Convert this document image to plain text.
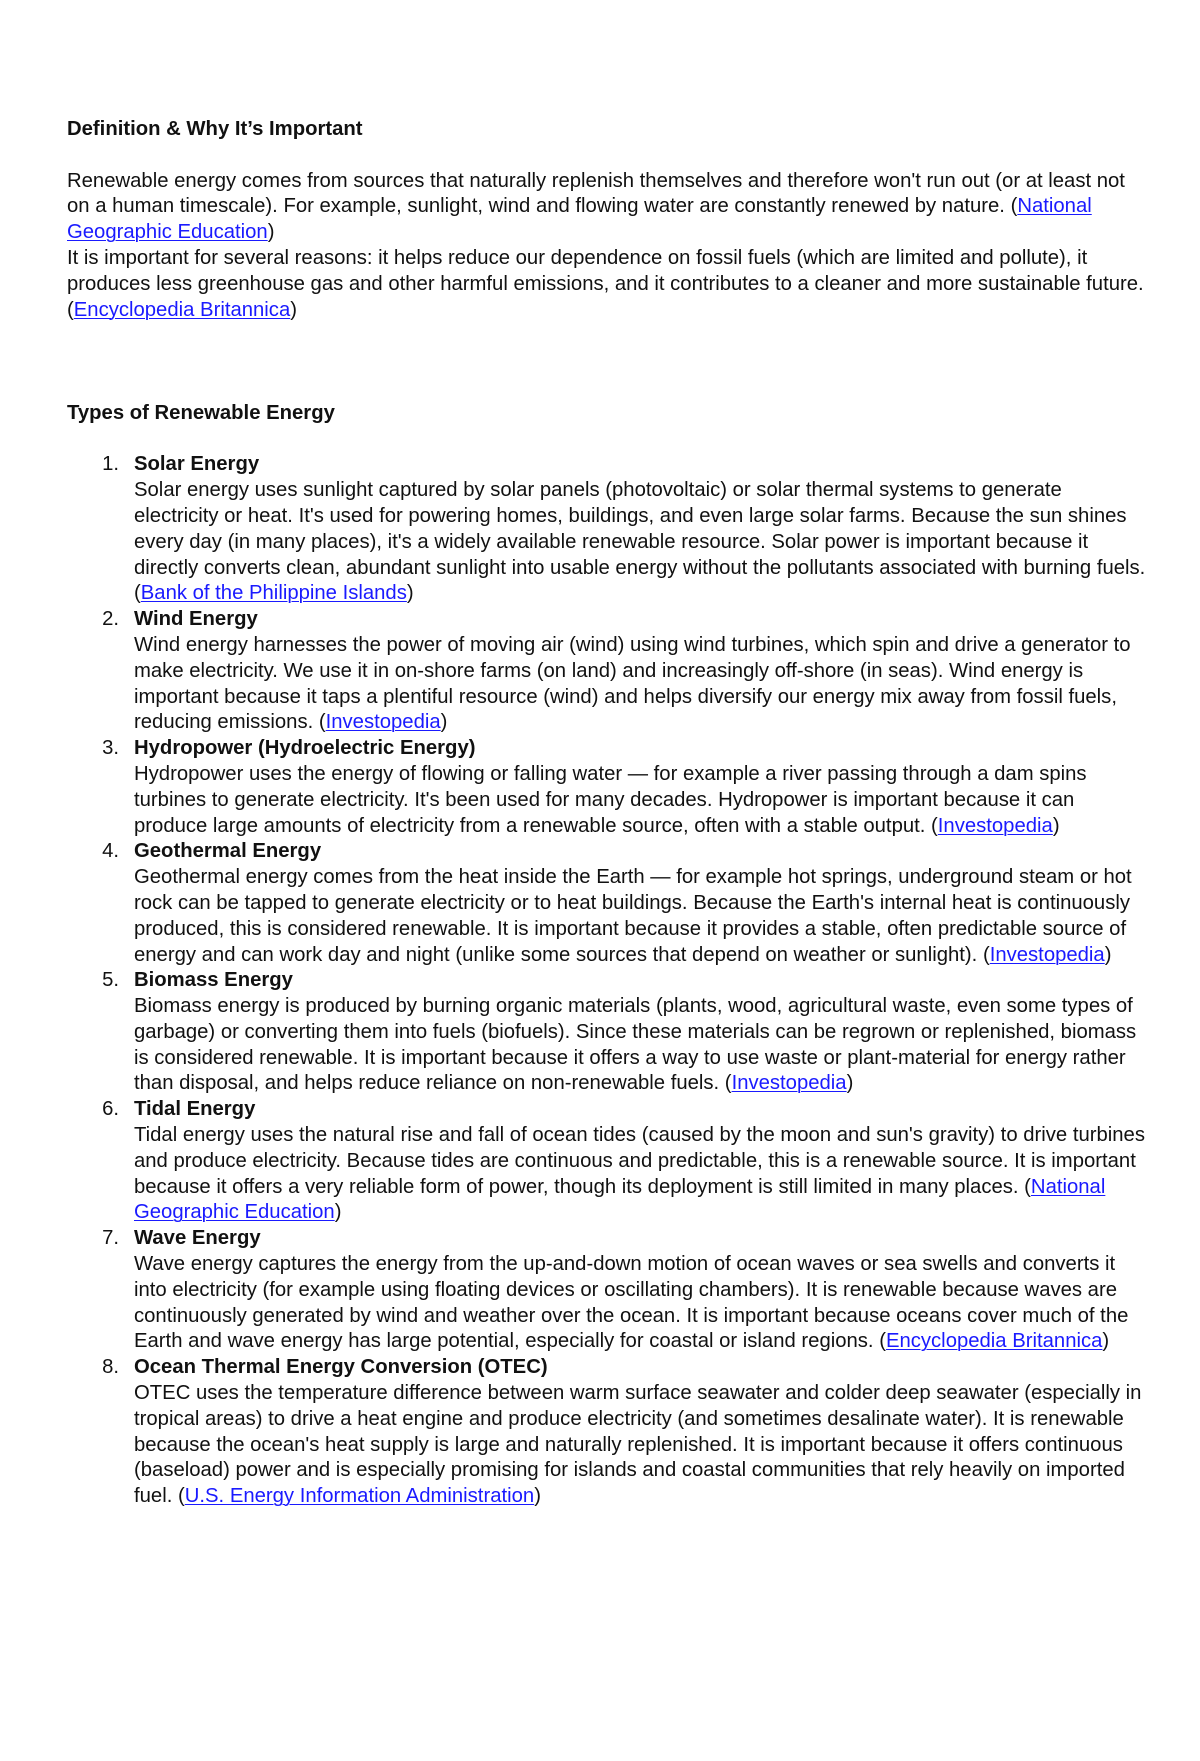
Definition & Why It’s Important

Renewable energy comes from sources that naturally replenish themselves and therefore won't run out (or at least not on a human timescale). For example, sunlight, wind and flowing water are constantly renewed by nature. (National Geographic Education)

It is important for several reasons: it helps reduce our dependence on fossil fuels (which are limited and pollute), it produces less greenhouse gas and other harmful emissions, and it contributes to a cleaner and more sustainable future. (Encyclopedia Britannica)

Types of Renewable Energy
1. Solar Energy
Solar energy uses sunlight captured by solar panels (photovoltaic) or solar thermal systems to generate electricity or heat. It's used for powering homes, buildings, and even large solar farms. Because the sun shines every day (in many places), it's a widely available renewable resource. Solar power is important because it directly converts clean, abundant sunlight into usable energy without the pollutants associated with burning fuels. (Bank of the Philippine Islands)
2. Wind Energy
Wind energy harnesses the power of moving air (wind) using wind turbines, which spin and drive a generator to make electricity. We use it in on-shore farms (on land) and increasingly off-shore (in seas). Wind energy is important because it taps a plentiful resource (wind) and helps diversify our energy mix away from fossil fuels, reducing emissions. (Investopedia)
3. Hydropower (Hydroelectric Energy)
Hydropower uses the energy of flowing or falling water — for example a river passing through a dam spins turbines to generate electricity. It's been used for many decades. Hydropower is important because it can produce large amounts of electricity from a renewable source, often with a stable output. (Investopedia)
4. Geothermal Energy
Geothermal energy comes from the heat inside the Earth — for example hot springs, underground steam or hot rock can be tapped to generate electricity or to heat buildings. Because the Earth's internal heat is continuously produced, this is considered renewable. It is important because it provides a stable, often predictable source of energy and can work day and night (unlike some sources that depend on weather or sunlight). (Investopedia)
5. Biomass Energy
Biomass energy is produced by burning organic materials (plants, wood, agricultural waste, even some types of garbage) or converting them into fuels (biofuels). Since these materials can be regrown or replenished, biomass is considered renewable. It is important because it offers a way to use waste or plant-material for energy rather than disposal, and helps reduce reliance on non-renewable fuels. (Investopedia)
6. Tidal Energy
Tidal energy uses the natural rise and fall of ocean tides (caused by the moon and sun's gravity) to drive turbines and produce electricity. Because tides are continuous and predictable, this is a renewable source. It is important because it offers a very reliable form of power, though its deployment is still limited in many places. (National Geographic Education)
7. Wave Energy
Wave energy captures the energy from the up-and-down motion of ocean waves or sea swells and converts it into electricity (for example using floating devices or oscillating chambers). It is renewable because waves are continuously generated by wind and weather over the ocean. It is important because oceans cover much of the Earth and wave energy has large potential, especially for coastal or island regions. (Encyclopedia Britannica)
8. Ocean Thermal Energy Conversion (OTEC)
OTEC uses the temperature difference between warm surface seawater and colder deep seawater (especially in tropical areas) to drive a heat engine and produce electricity (and sometimes desalinate water). It is renewable because the ocean's heat supply is large and naturally replenished. It is important because it offers continuous (baseload) power and is especially promising for islands and coastal communities that rely heavily on imported fuel. (U.S. Energy Information Administration)
